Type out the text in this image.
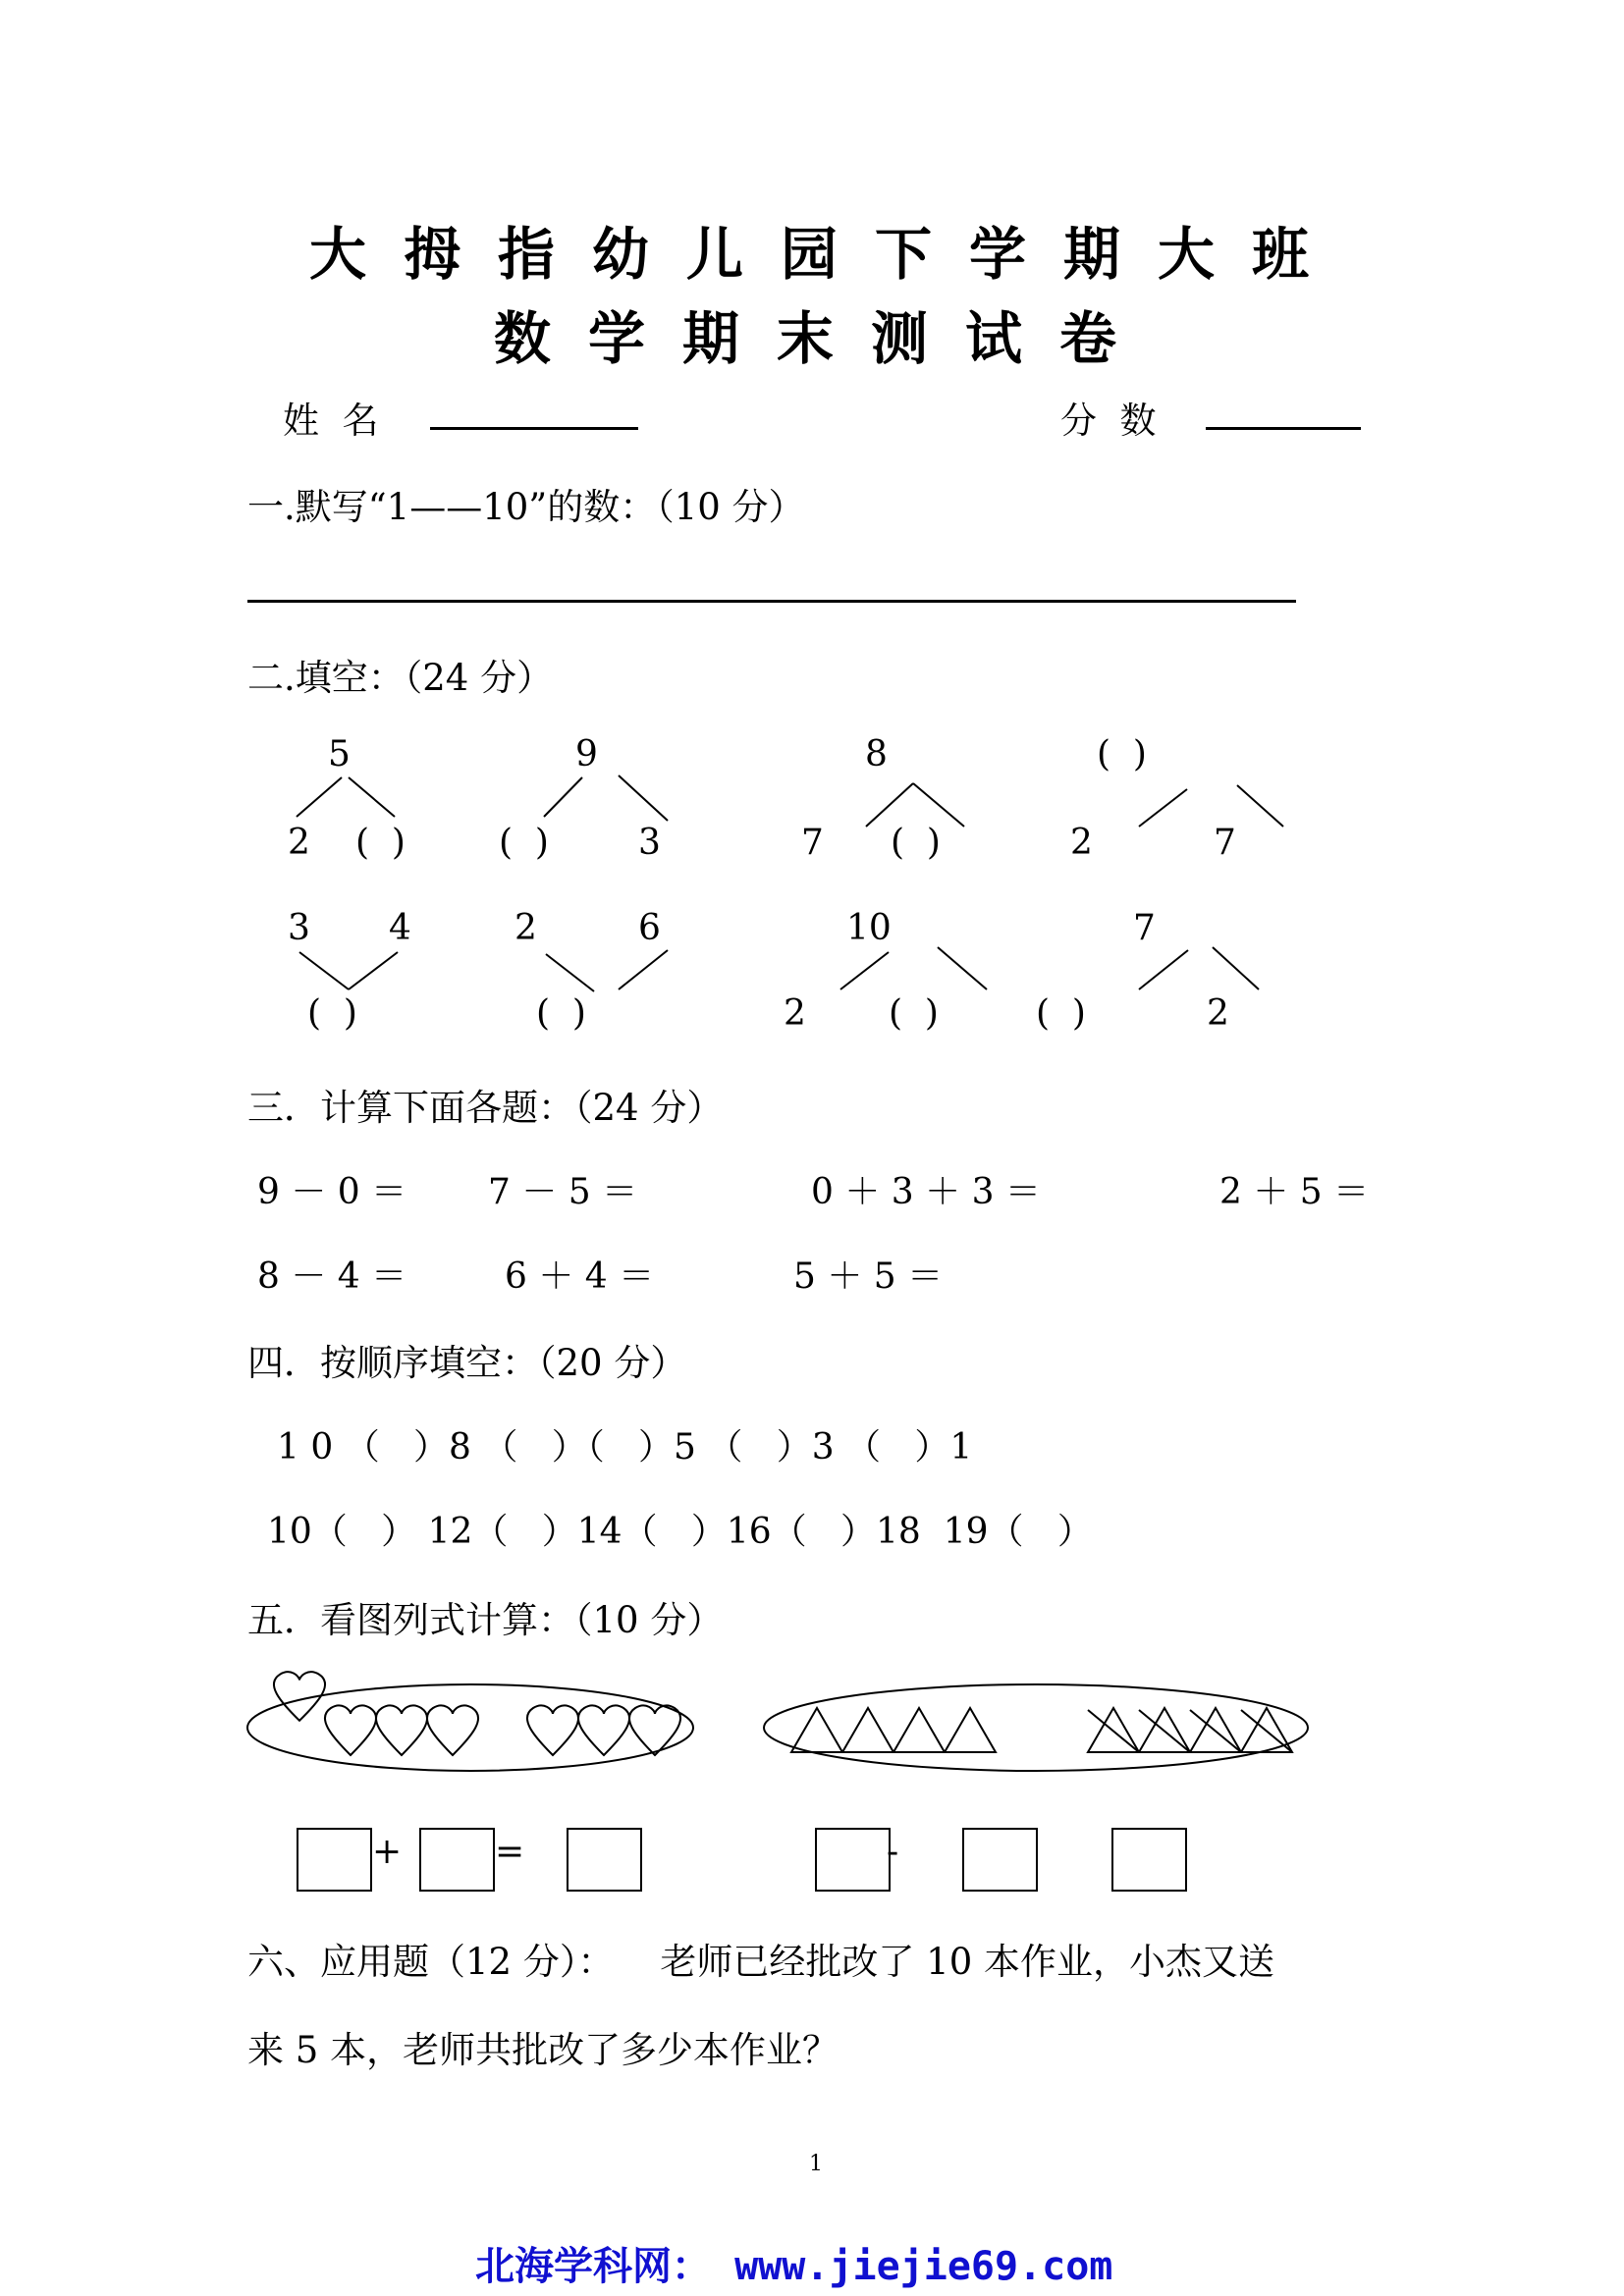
大拇指幼儿园下学期大班
数学期末测试卷
姓  名	分  数
一.默写“1——10”的数：（10 分）
二.填空：（24 分）
5
2 (  )
9
(  )	3
8
7 (  )
(  )
2	7
3 4
(  )
2	6
(  )
10
2 (  )
7
(  )	2
三．计算下面各题：（24 分）
9 － 0 ＝ 7 － 5 ＝	0 ＋ 3 ＋ 3 ＝	2 ＋ 5 ＝
8 － 4 ＝	6 ＋ 4 ＝	5 ＋ 5 ＝
四．按顺序填空：（20 分）
1 0 （   ）8 （   ）（   ）5 （   ）3 （   ）1
10（   ） 12（   ）14（   ）16（   ）18  19（   ）
五．看图列式计算：（10 分）
+	=	-
六、应用题（12 分）：    老师已经批改了 10 本作业，小杰又送
来 5 本，老师共批改了多少本作业？
1
北海学科网： www.jiejie69.com
